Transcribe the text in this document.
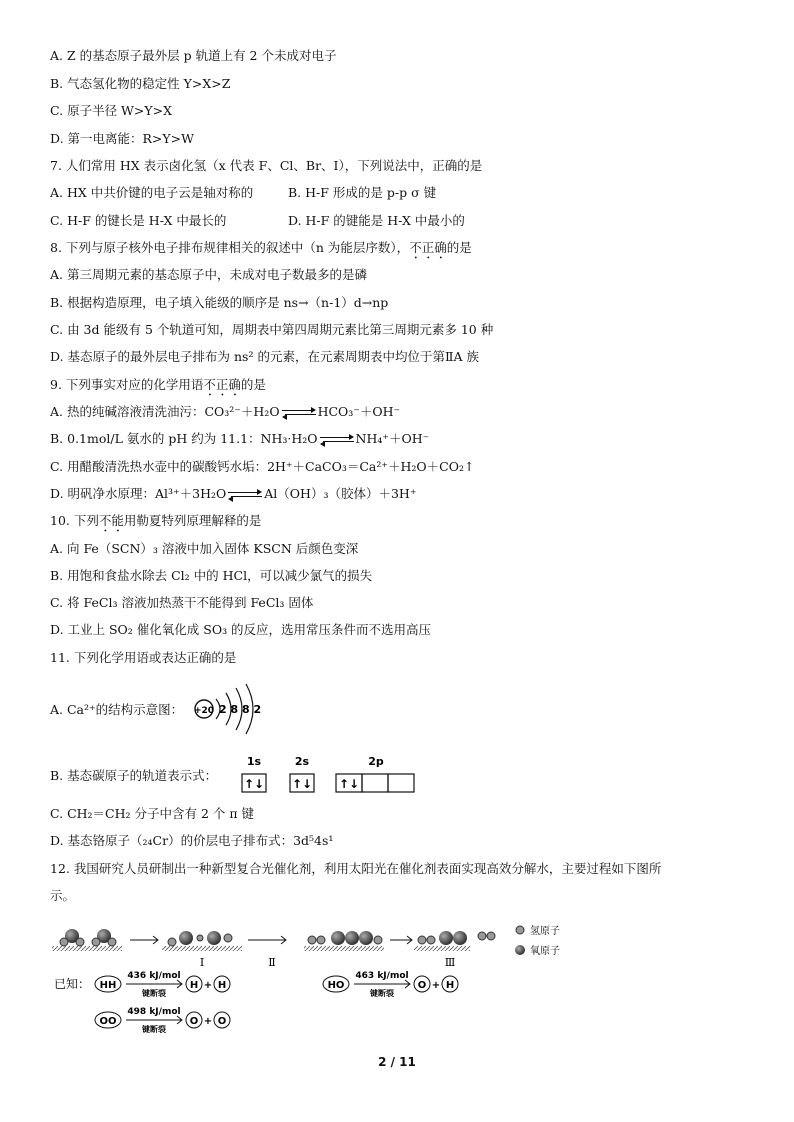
A. Z 的基态原子最外层 p 轨道上有 2 个未成对电子
B. 气态氢化物的稳定性 Y>X>Z
C. 原子半径 W>Y>X
D. 第一电离能：R>Y>W
7. 人们常用 HX 表示卤化氢（x 代表 F、Cl、Br、I），下列说法中，正确的是
A. HX 中共价键的电子云是轴对称的	B. H-F 形成的是 p-p σ 键
C. H-F 的键长是 H-X 中最长的	D. H-F 的键能是 H-X 中最小的
8. 下列与原子核外电子排布规律相关的叙述中（n 为能层序数），不正确的是
A. 第三周期元素的基态原子中，未成对电子数最多的是磷
B. 根据构造原理，电子填入能级的顺序是 ns→（n-1）d→np
C. 由 3d 能级有 5 个轨道可知，周期表中第四周期元素比第三周期元素多 10 种
D. 基态原子的最外层电子排布为 ns² 的元素，在元素周期表中均位于第ⅡA 族
9. 下列事实对应的化学用语不正确的是
A. 热的纯碱溶液清洗油污：CO₃²⁻＋H₂O	HCO₃⁻＋OH⁻
B. 0.1mol/L 氨水的 pH 约为 11.1：NH₃·H₂O	NH₄⁺＋OH⁻
C. 用醋酸清洗热水壶中的碳酸钙水垢：2H⁺＋CaCO₃＝Ca²⁺＋H₂O＋CO₂↑
D. 明矾净水原理：Al³⁺＋3H₂O	Al（OH）₃（胶体）＋3H⁺
10. 下列不能用勒夏特列原理解释的是
A. 向 Fe（SCN）₃ 溶液中加入固体 KSCN 后颜色变深
B. 用饱和食盐水除去 Cl₂ 中的 HCl，可以减少氯气的损失
C. 将 FeCl₃ 溶液加热蒸干不能得到 FeCl₃ 固体
D. 工业上 SO₂ 催化氧化成 SO₃ 的反应，选用常压条件而不选用高压
11. 下列化学用语或表达正确的是
A. Ca²⁺的结构示意图： +20 2 8 8 2
B. 基态碳原子的轨道表示式：
1s	2s	2p
↑↓ ↑↓ ↑↓
C. CH₂＝CH₂ 分子中含有 2 个 π 键
D. 基态铬原子（₂₄Cr）的价层电子排布式：3d⁵4s¹
12. 我国研究人员研制出一种新型复合光催化剂，利用太阳光在催化剂表面实现高效分解水，主要过程如下图所
示。
Ⅰ	Ⅱ	Ⅲ
氢原子
氧原子
已知： HH
436 kJ/mol
键断裂
H + H	HO
463 kJ/mol
键断裂
O + H
OO
498 kJ/mol
键断裂
O + O
2 / 11
